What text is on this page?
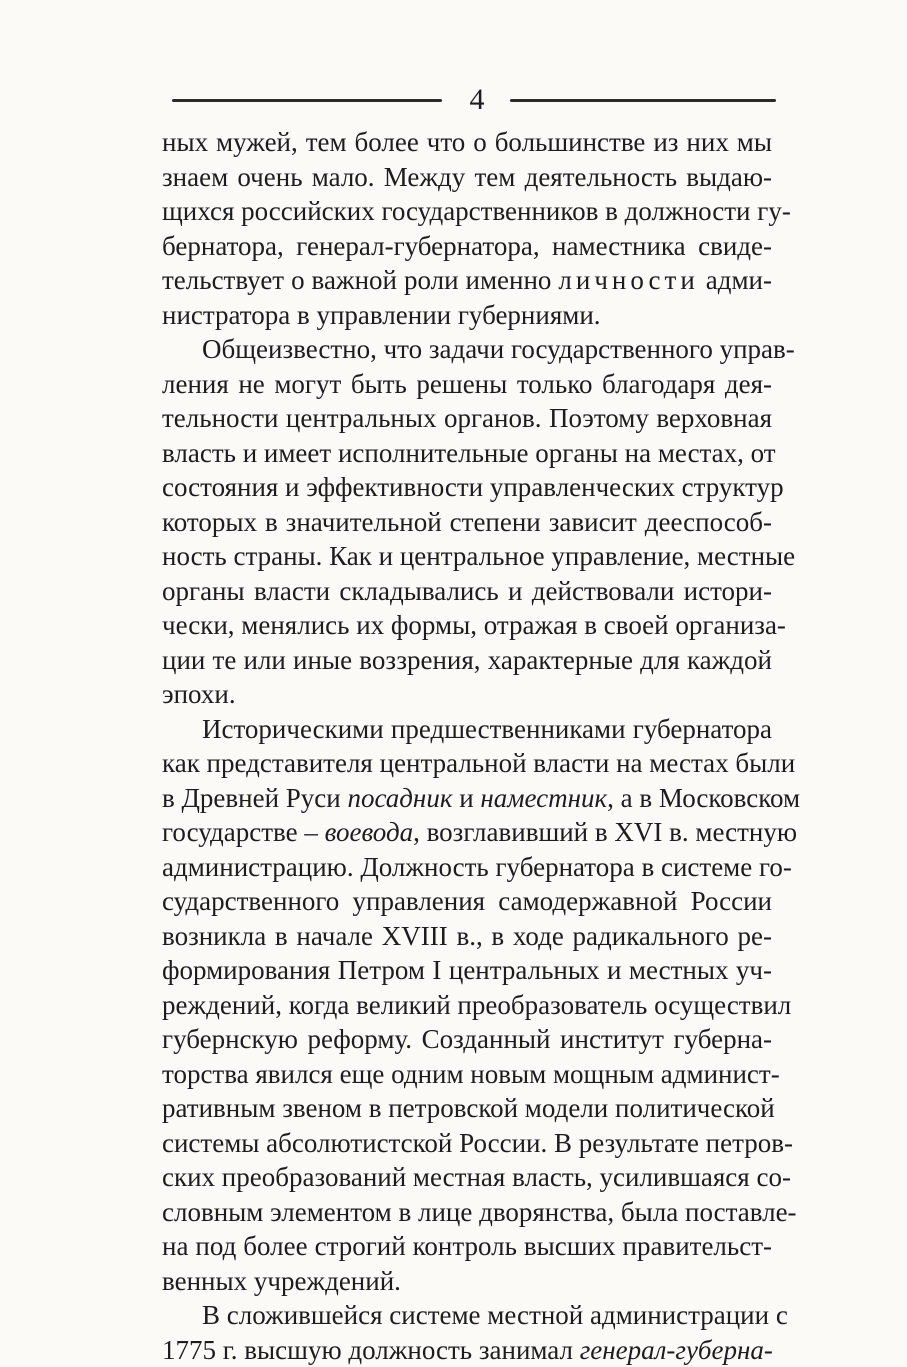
4

ных мужей, тем более что о большинстве из них мы
знаем очень мало. Между тем деятельность выдаю-
щихся российских государственников в должности гу-
бернатора, генерал-губернатора, наместника свиде-
тельствует о важной роли именно личности адми-
нистратора в управлении губерниями.

Общеизвестно, что задачи государственного управ-
ления не могут быть решены только благодаря дея-
тельности центральных органов. Поэтому верховная
власть и имеет исполнительные органы на местах, от
состояния и эффективности управленческих структур
которых в значительной степени зависит дееспособ-
ность страны. Как и центральное управление, местные
органы власти складывались и действовали истори-
чески, менялись их формы, отражая в своей организа-
ции те или иные воззрения, характерные для каждой
эпохи.

Историческими предшественниками губернатора
как представителя центральной власти на местах были
в Древней Руси посадник и наместник, а в Московском
государстве – воевода, возглавивший в XVI в. местную
администрацию. Должность губернатора в системе го-
сударственного управления самодержавной России
возникла в начале XVIII в., в ходе радикального ре-
формирования Петром I центральных и местных уч-
реждений, когда великий преобразователь осуществил
губернскую реформу. Созданный институт губерна-
торства явился еще одним новым мощным админист-
ративным звеном в петровской модели политической
системы абсолютистской России. В результате петров-
ских преобразований местная власть, усилившаяся со-
словным элементом в лице дворянства, была поставле-
на под более строгий контроль высших правительст-
венных учреждений.

В сложившейся системе местной администрации с
1775 г. высшую должность занимал генерал-губерна-
